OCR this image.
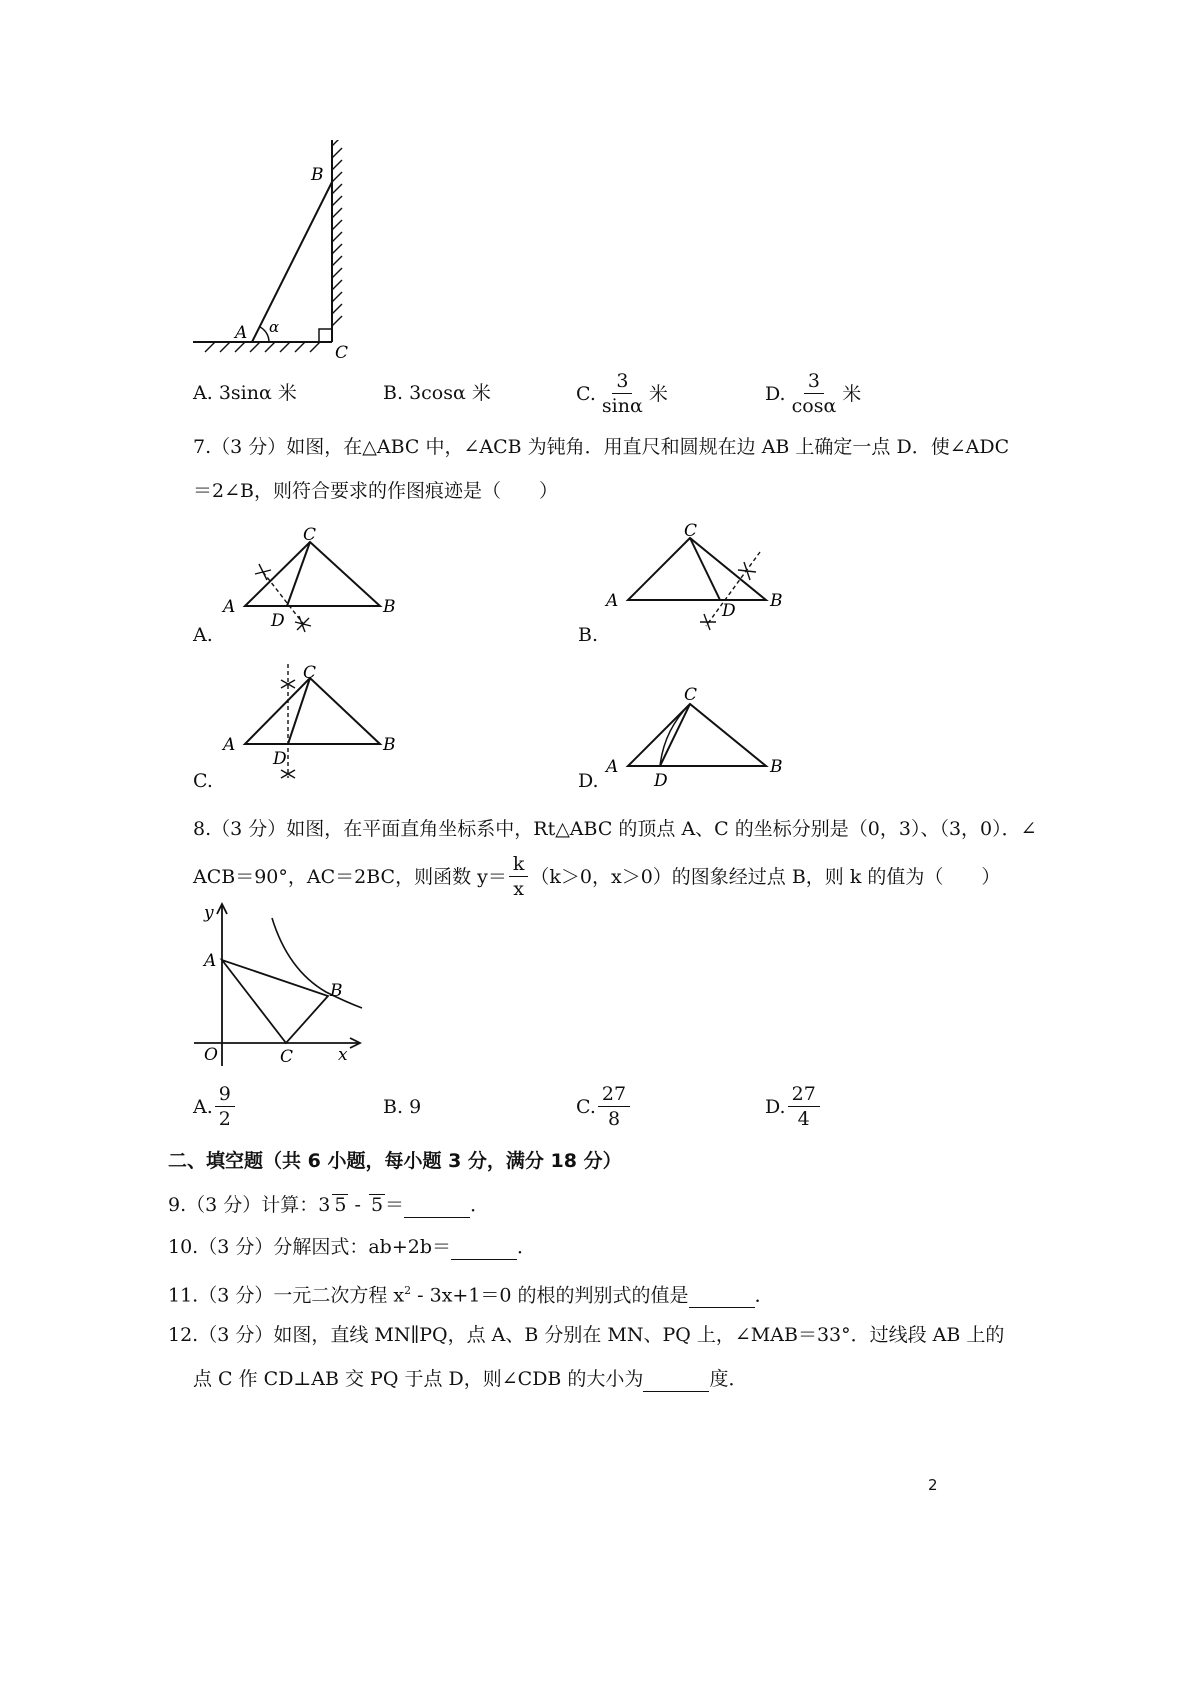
B
A
C
α
A. 3sinα 米	B. 3cosα 米	C. $\frac{3}{\sin\alpha}$ 米	D. $\frac{3}{\cos\alpha}$ 米
7.（3 分）如图，在△ABC 中，∠ACB 为钝角．用直尺和圆规在边 AB 上确定一点 D．使∠ADC
＝2∠B，则符合要求的作图痕迹是（　　）
A
C
B
D
A.
A
C
B
D
B.
A
C
B
D
C.
A
C
B
D
D.
8.（3 分）如图，在平面直角坐标系中，Rt△ABC 的顶点 A、C 的坐标分别是（0，3）、（3，0）．∠
ACB＝90°，AC＝2BC，则函数 $y= \frac{k}{x} (k>0$，x＞0）的图象经过点 B，则 k 的值为（　　）
y
x
O
A
B
C
A. $\frac{9}{2}$	B. 9	C. $\frac{27}{8}$	D. $\frac{27}{4}$
二、填空题（共 6 小题，每小题 3 分，满分 18 分）
9.（3 分）计算：3 5 - 5 ＝	．
10.（3 分）分解因式：ab+2b＝	．
11.（3 分）一元二次方程 $x^2 - 3x+1=0$ 的根的判别式的值是	．
12.（3 分）如图，直线 MN∥PQ，点 A、B 分别在 MN、PQ 上，∠MAB＝33°．过线段 AB 上的
点 C 作 CD⊥AB 交 PQ 于点 D，则∠CDB 的大小为	度．
2
